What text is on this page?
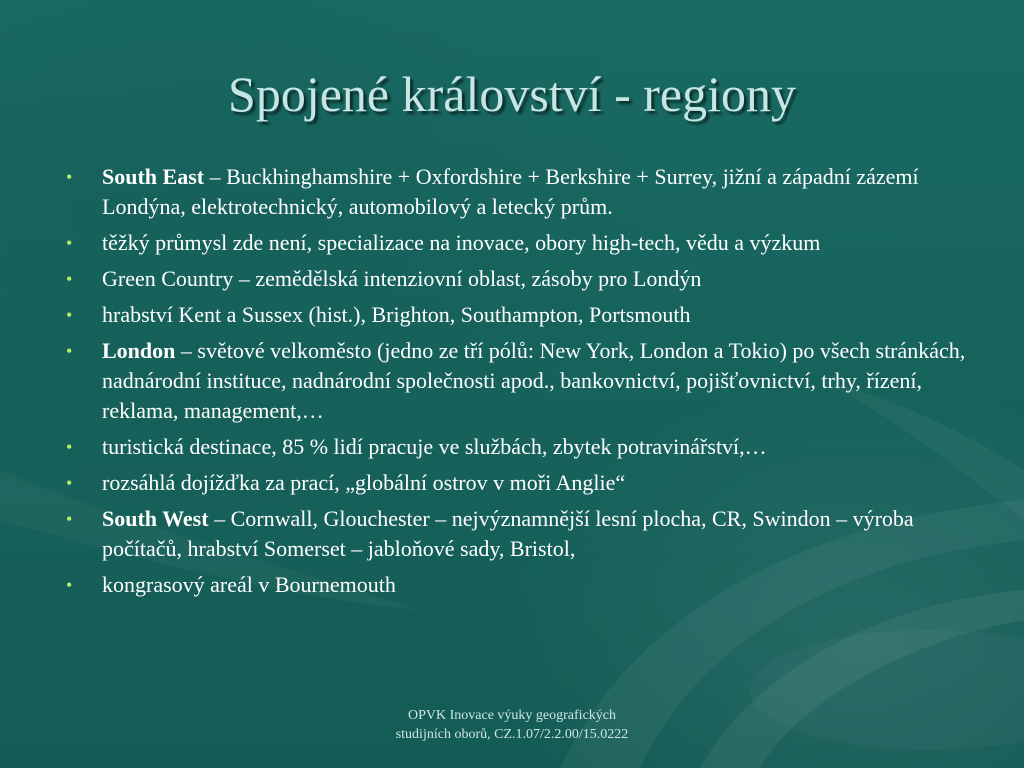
Spojené království - regiony
•	South East – Buckhinghamshire + Oxfordshire + Berkshire + Surrey, jižní a západní zázemí Londýna, elektrotechnický, automobilový a letecký prům.
•	těžký průmysl zde není, specializace na inovace, obory high-tech, vědu a výzkum
•	Green Country – zemědělská intenziovní oblast, zásoby pro Londýn
•	hrabství Kent a Sussex (hist.), Brighton, Southampton, Portsmouth
•	London – světové velkoměsto (jedno ze tří pólů: New York, London a Tokio) po všech stránkách, nadnárodní instituce, nadnárodní společnosti apod., bankovnictví, pojišťovnictví, trhy, řízení, reklama, management,…
•	turistická destinace, 85 % lidí pracuje ve službách, zbytek potravinářství,…
•	rozsáhlá dojížďka za prací, „globální ostrov v moři Anglie“
•	South West – Cornwall, Glouchester – nejvýznamnější lesní plocha, CR, Swindon – výroba počítačů, hrabství Somerset – jabloňové sady, Bristol,
•	kongrasový areál v Bournemouth
OPVK Inovace výuky geografických
studijních oborů, CZ.1.07/2.2.00/15.0222
